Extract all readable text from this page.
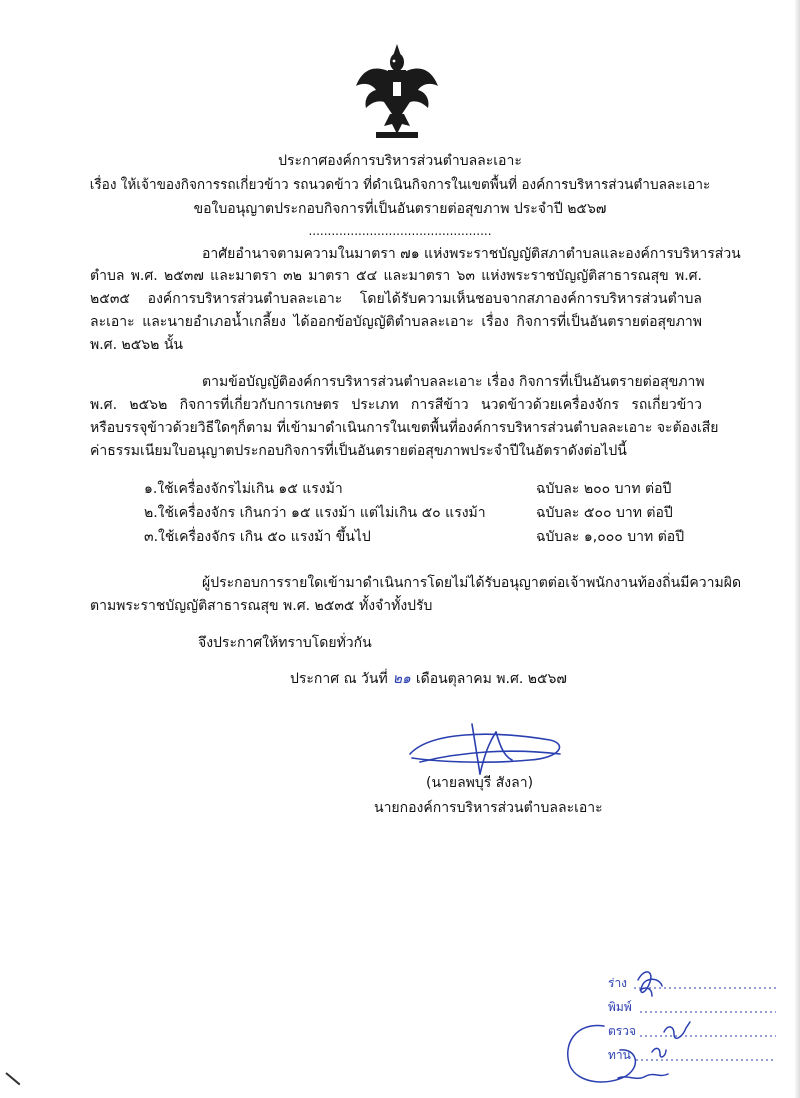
ประกาศองค์การบริหารส่วนตำบลละเอาะ
เรื่อง ให้เจ้าของกิจการรถเกี่ยวข้าว รถนวดข้าว ที่ดำเนินกิจการในเขตพื้นที่ องค์การบริหารส่วนตำบลละเอาะ
ขอใบอนุญาตประกอบกิจการที่เป็นอันตรายต่อสุขภาพ ประจำปี ๒๕๖๗
................................................
อาศัยอำนาจตามความในมาตรา ๗๑ แห่งพระราชบัญญัติสภาตำบลและองค์การบริหารส่วน
ตำบล พ.ศ. ๒๕๓๗ และมาตรา ๓๒ มาตรา ๕๔ และมาตรา ๖๓ แห่งพระราชบัญญัติสาธารณสุข พ.ศ.
๒๕๓๕ องค์การบริหารส่วนตำบลละเอาะ โดยได้รับความเห็นชอบจากสภาองค์การบริหารส่วนตำบล
ละเอาะ และนายอำเภอน้ำเกลี้ยง ได้ออกข้อบัญญัติตำบลละเอาะ เรื่อง กิจการที่เป็นอันตรายต่อสุขภาพ
พ.ศ. ๒๕๖๒ นั้น
ตามข้อบัญญัติองค์การบริหารส่วนตำบลละเอาะ เรื่อง กิจการที่เป็นอันตรายต่อสุขภาพ
พ.ศ. ๒๕๖๒ กิจการที่เกี่ยวกับการเกษตร ประเภท การสีข้าว นวดข้าวด้วยเครื่องจักร รถเกี่ยวข้าว
หรือบรรจุข้าวด้วยวิธีใดๆก็ตาม ที่เข้ามาดำเนินการในเขตพื้นที่องค์การบริหารส่วนตำบลละเอาะ จะต้องเสีย
ค่าธรรมเนียมใบอนุญาตประกอบกิจการที่เป็นอันตรายต่อสุขภาพประจำปีในอัตราดังต่อไปนี้
๑.ใช้เครื่องจักรไม่เกิน ๑๕ แรงม้า	ฉบับละ ๒๐๐ บาท ต่อปี
๒.ใช้เครื่องจักร เกินกว่า ๑๕ แรงม้า แต่ไม่เกิน ๕๐ แรงม้า	ฉบับละ ๕๐๐ บาท ต่อปี
๓.ใช้เครื่องจักร เกิน ๕๐ แรงม้า ขึ้นไป	ฉบับละ ๑,๐๐๐ บาท ต่อปี
ผู้ประกอบการรายใดเข้ามาดำเนินการโดยไม่ได้รับอนุญาตต่อเจ้าพนักงานท้องถิ่นมีความผิด
ตามพระราชบัญญัติสาธารณสุข พ.ศ. ๒๕๓๕ ทั้งจำทั้งปรับ
จึงประกาศให้ทราบโดยทั่วกัน
ประกาศ ณ วันที่ ๒๑ เดือนตุลาคม พ.ศ. ๒๕๖๗
(นายลพบุรี สังลา)
นายกองค์การบริหารส่วนตำบลละเอาะ
ร่าง
พิมพ์
ตรวจ
ทาน
